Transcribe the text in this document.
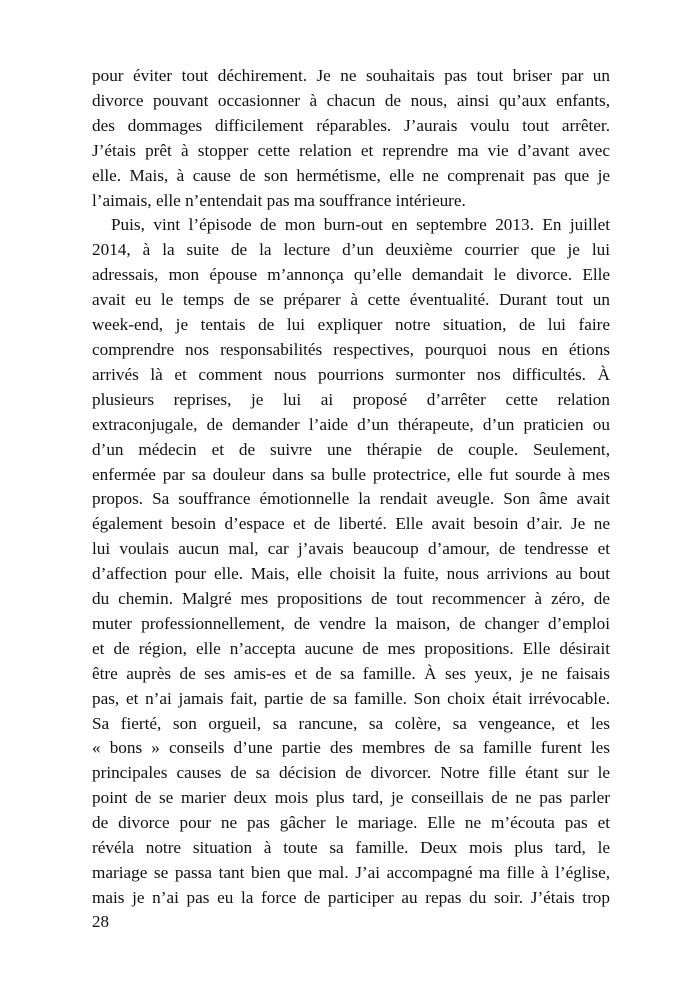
pour éviter tout déchirement. Je ne souhaitais pas tout briser par un
divorce pouvant occasionner à chacun de nous, ainsi qu’aux enfants,
des dommages difficilement réparables. J’aurais voulu tout arrêter.
J’étais prêt à stopper cette relation et reprendre ma vie d’avant avec
elle. Mais, à cause de son hermétisme, elle ne comprenait pas que je
l’aimais, elle n’entendait pas ma souffrance intérieure.
Puis, vint l’épisode de mon burn-out en septembre 2013. En juillet
2014, à la suite de la lecture d’un deuxième courrier que je lui
adressais, mon épouse m’annonça qu’elle demandait le divorce. Elle
avait eu le temps de se préparer à cette éventualité. Durant tout un
week-end, je tentais de lui expliquer notre situation, de lui faire
comprendre nos responsabilités respectives, pourquoi nous en étions
arrivés là et comment nous pourrions surmonter nos difficultés. À
plusieurs reprises, je lui ai proposé d’arrêter cette relation
extraconjugale, de demander l’aide d’un thérapeute, d’un praticien ou
d’un médecin et de suivre une thérapie de couple. Seulement,
enfermée par sa douleur dans sa bulle protectrice, elle fut sourde à mes
propos. Sa souffrance émotionnelle la rendait aveugle. Son âme avait
également besoin d’espace et de liberté. Elle avait besoin d’air. Je ne
lui voulais aucun mal, car j’avais beaucoup d’amour, de tendresse et
d’affection pour elle. Mais, elle choisit la fuite, nous arrivions au bout
du chemin. Malgré mes propositions de tout recommencer à zéro, de
muter professionnellement, de vendre la maison, de changer d’emploi
et de région, elle n’accepta aucune de mes propositions. Elle désirait
être auprès de ses amis-es et de sa famille. À ses yeux, je ne faisais
pas, et n’ai jamais fait, partie de sa famille. Son choix était irrévocable.
Sa fierté, son orgueil, sa rancune, sa colère, sa vengeance, et les
« bons » conseils d’une partie des membres de sa famille furent les
principales causes de sa décision de divorcer. Notre fille étant sur le
point de se marier deux mois plus tard, je conseillais de ne pas parler
de divorce pour ne pas gâcher le mariage. Elle ne m’écouta pas et
révéla notre situation à toute sa famille. Deux mois plus tard, le
mariage se passa tant bien que mal. J’ai accompagné ma fille à l’église,
mais je n’ai pas eu la force de participer au repas du soir. J’étais trop
28
